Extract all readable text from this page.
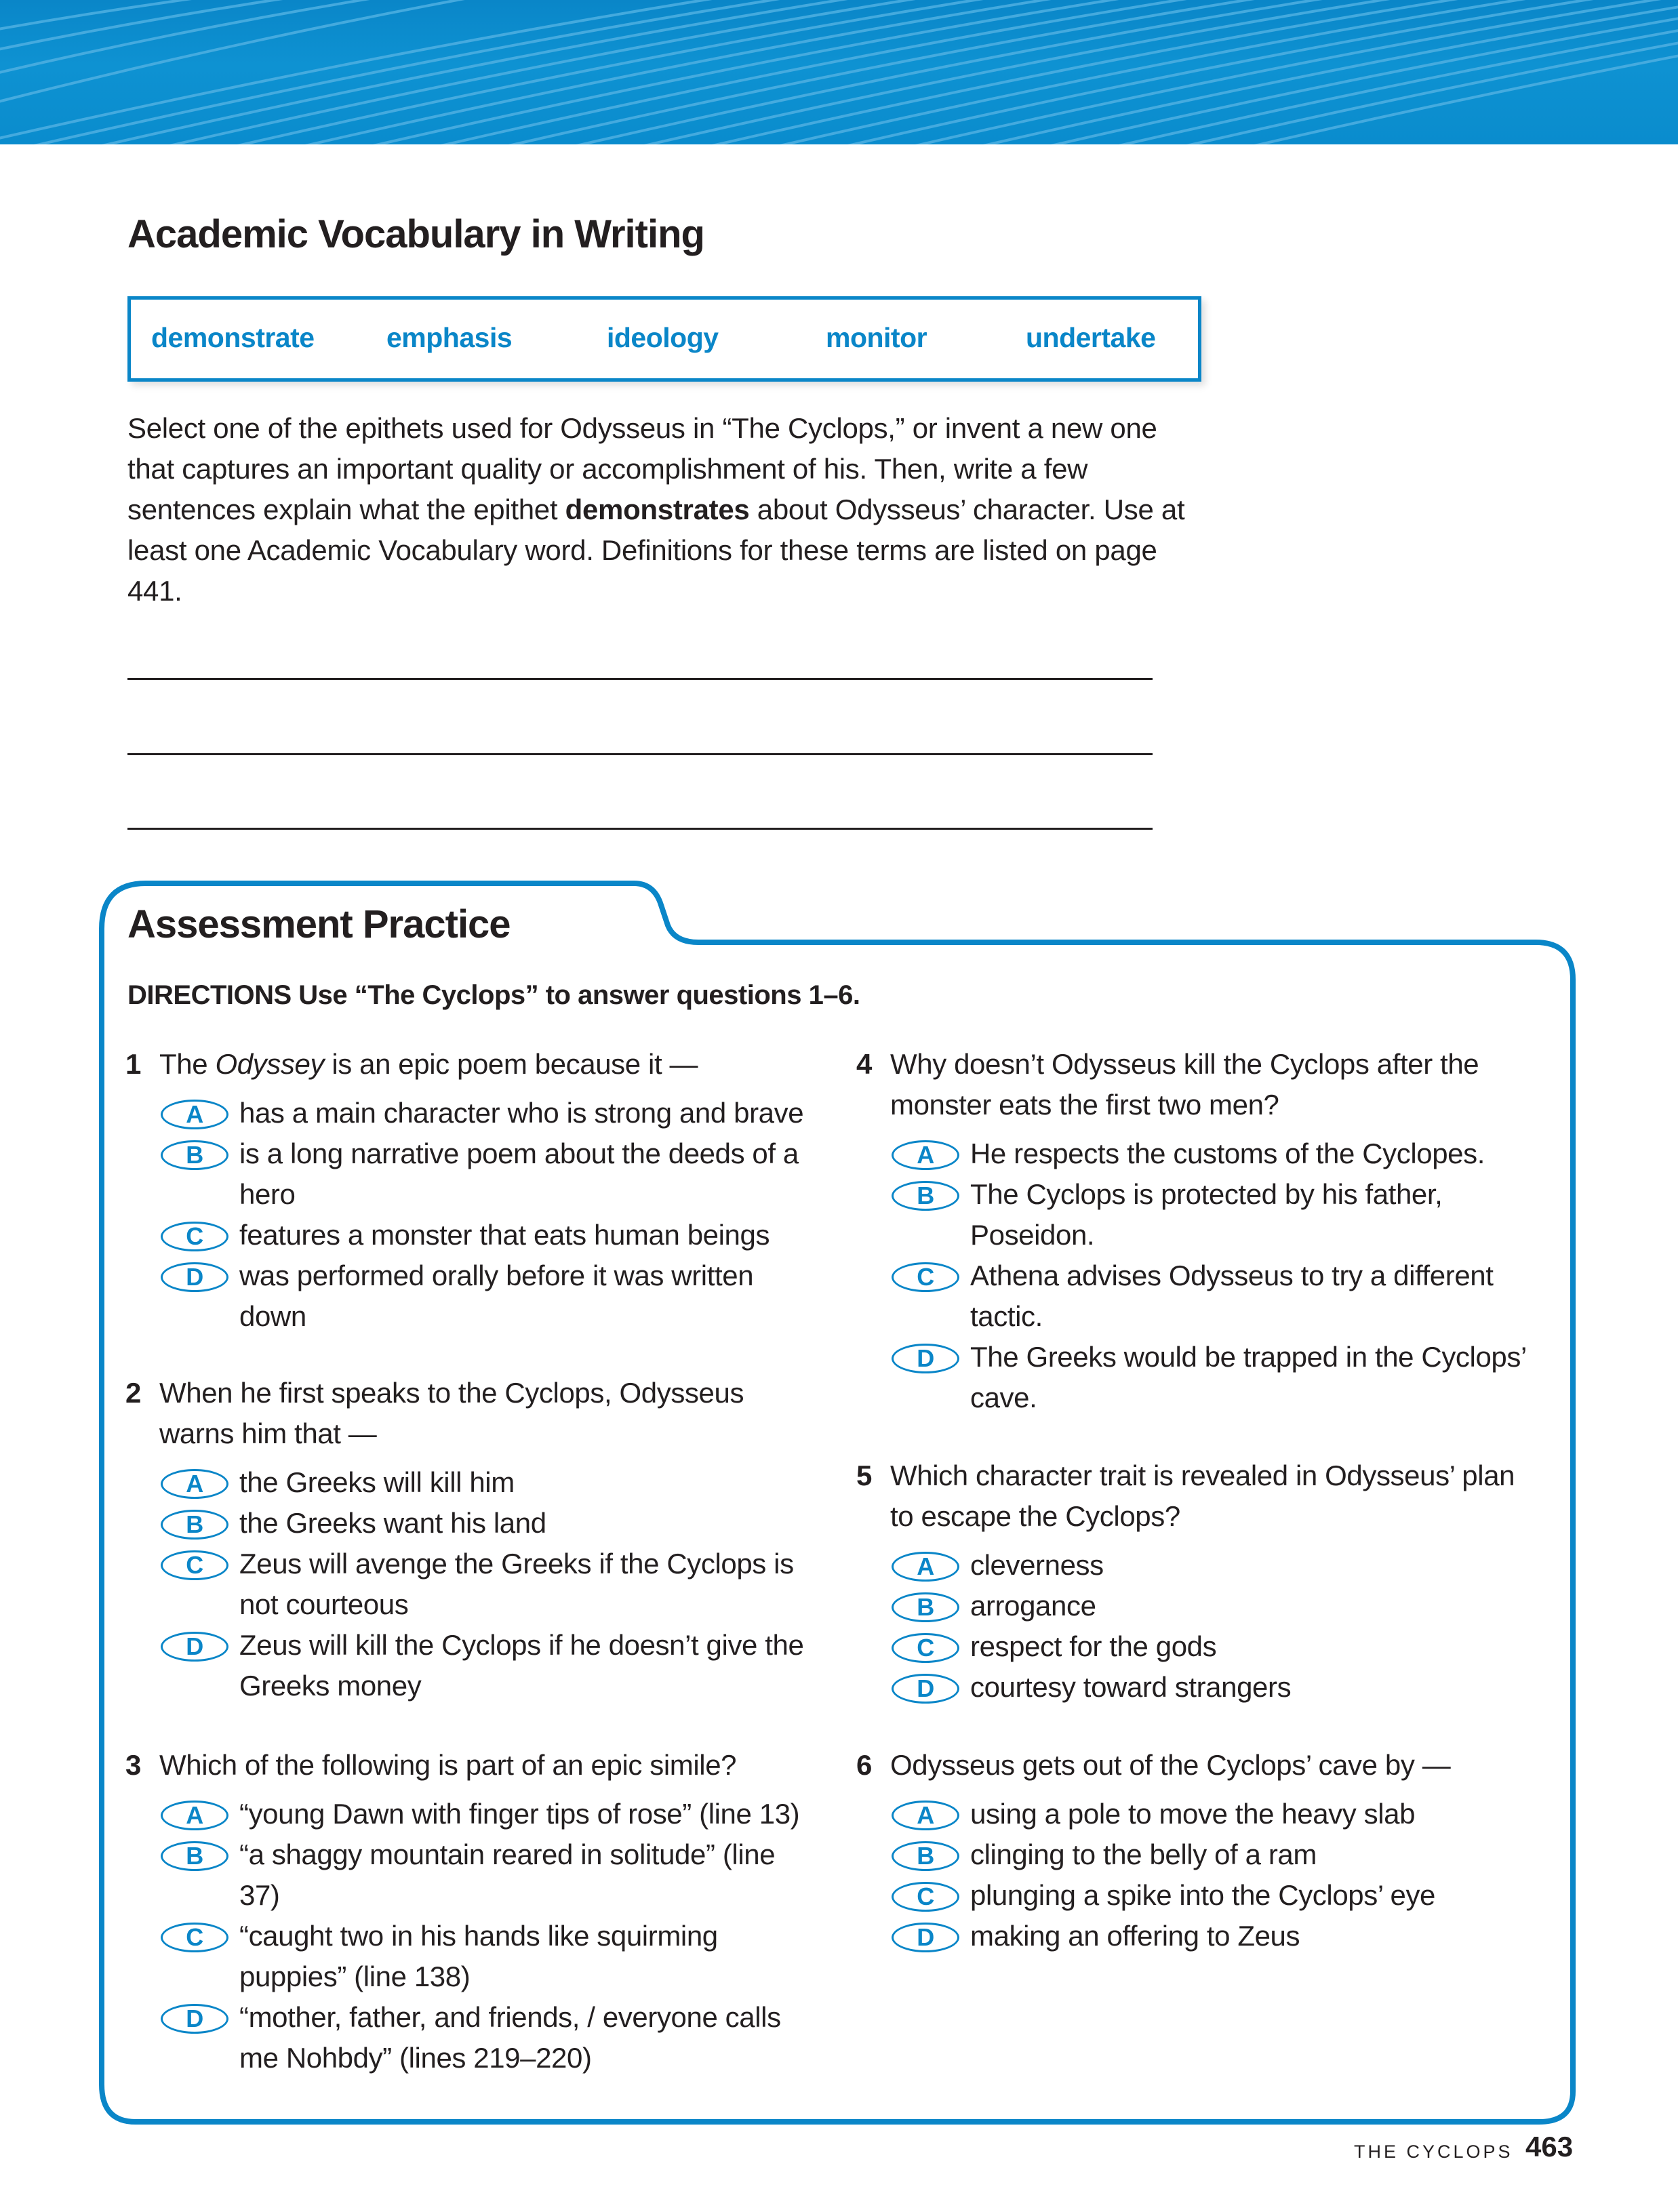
Academic Vocabulary in Writing
demonstrate	emphasis	ideology	monitor	undertake
Select one of the epithets used for Odysseus in “The Cyclops,” or invent a new one that captures an important quality or accomplishment of his. Then, write a few sentences explain what the epithet demonstrates about Odysseus’ character. Use at least one Academic Vocabulary word. Definitions for these terms are listed on page 441.
Assessment Practice
DIRECTIONS Use “The Cyclops” to answer questions 1–6.
1 The Odyssey is an epic poem because it —
A	has a main character who is strong and brave
B	is a long narrative poem about the deeds of a hero
C	features a monster that eats human beings
D	was performed orally before it was written down
2 When he first speaks to the Cyclops, Odysseus warns him that —
A	the Greeks will kill him
B	the Greeks want his land
C	Zeus will avenge the Greeks if the Cyclops is not courteous
D	Zeus will kill the Cyclops if he doesn’t give the Greeks money
3 Which of the following is part of an epic simile?
A	“young Dawn with finger tips of rose” (line 13)
B	“a shaggy mountain reared in solitude” (line 37)
C	“caught two in his hands like squirming puppies” (line 138)
D	“mother, father, and friends, / everyone calls me Nohbdy” (lines 219–220)
4 Why doesn’t Odysseus kill the Cyclops after the monster eats the first two men?
A	He respects the customs of the Cyclopes.
B	The Cyclops is protected by his father, Poseidon.
C	Athena advises Odysseus to try a different tactic.
D	The Greeks would be trapped in the Cyclops’ cave.
5 Which character trait is revealed in Odysseus’ plan to escape the Cyclops?
A	cleverness
B	arrogance
C	respect for the gods
D	courtesy toward strangers
6 Odysseus gets out of the Cyclops’ cave by —
A	using a pole to move the heavy slab
B	clinging to the belly of a ram
C	plunging a spike into the Cyclops’ eye
D	making an offering to Zeus
THE CYCLOPS 463
